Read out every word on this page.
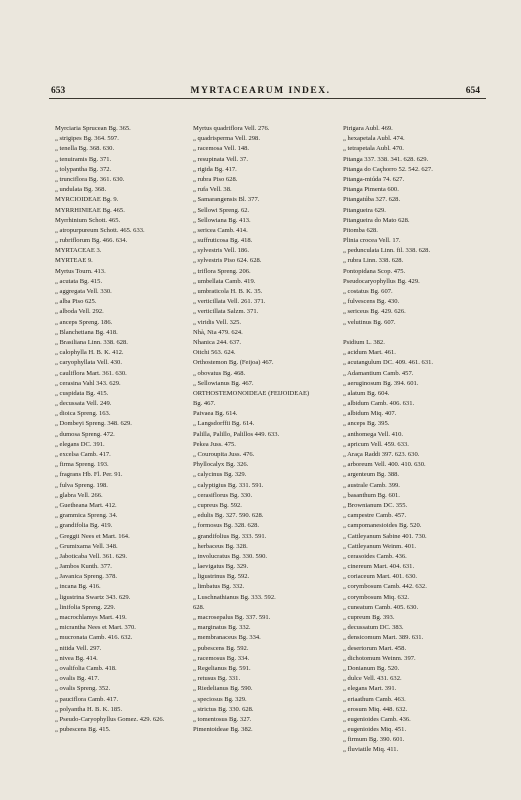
653	MYRTACEARUM INDEX.	654
Myrciaria Sprucean Bg. 365.
„ strigipes Bg. 364. 597.
„ tenella Bg. 368. 630.
„ tenuiramis Bg. 371.
„ tolypantha Bg. 372.
„ trunciflora Bg. 361. 630.
„ undulata Bg. 368.
MYRCIOIDEAE Bg. 9.
MYRRHINIEAE Bg. 465.
Myrrhinium Schott. 465.
„ atropurpureum Schott. 465. 633.
„ rubriflorum Bg. 466. 634.
MYRTACEAE 3.
MYRTEAE 9.
Myrtus Tourn. 413.
„ acutata Bg. 415.
„ aggregata Vell. 330.
„ alba Piso 625.
„ alboda Vell. 292.
„ anceps Spreng. 186.
„ Blanchetiana Bg. 418.
„ Brasiliana Linn. 338. 628.
„ calophylla H. B. K. 412.
„ caryophyllata Vell. 430.
„ cauliflora Mart. 361. 630.
„ cerasina Vahl 343. 629.
„ cuspidata Bg. 415.
„ decussata Vell. 249.
„ dioica Spreng. 163.
„ Dombeyi Spreng. 348. 629.
„ dumosa Spreng. 472.
„ elegans DC. 391.
„ excelsa Camb. 417.
„ firma Spreng. 193.
„ fragrans Hb. Fl. Per. 91.
„ fulva Spreng. 198.
„ glabra Vell. 266.
„ Guetheana Mart. 412.
„ grammica Spreng. 34.
„ grandifolia Bg. 419.
„ Greggii Nees et Mart. 164.
„ Grumixama Vell. 348.
„ Jaboticaba Vell. 361. 629.
„ Jambos Kunth. 377.
„ Javanica Spreng. 378.
„ incana Bg. 416.
„ ligustrina Swartz 343. 629.
„ linifolia Spreng. 229.
„ macrochlamys Mart. 419.
„ micrantha Nees et Mart. 370.
„ mucronata Camb. 416. 632.
„ nitida Vell. 297.
„ nivea Bg. 414.
„ ovalifolia Camb. 418.
„ ovalis Bg. 417.
„ ovalis Spreng. 352.
„ pauciflora Camb. 417.
„ polyantha H. B. K. 185.
„ Pseudo-Caryophyllus Gomez. 429. 626.
„ pubescens Bg. 415.
Myrtus quadriflora Vell. 276.
„ quadrisperma Vell. 298.
„ racemosa Vell. 148.
„ resupinata Vell. 37.
„ rigida Bg. 417.
„ rubra Piso 628.
„ rufa Vell. 38.
„ Samarangensis Bl. 377.
„ Sellowi Spreng. 62.
„ Sellowiana Bg. 413.
„ sericea Camb. 414.
„ suffruticosa Bg. 418.
„ sylvestris Vell. 186.
„ sylvestris Piso 624. 628.
„ triflora Spreng. 206.
„ umbellata Camb. 419.
„ umbraticola H. B. K. 35.
„ verticillata Vell. 261. 371.
„ verticillata Salzm. 371.
„ viridis Vell. 325.
Nhà, Nia 479. 624.
Nhanica 244. 637.
Oitchi 563. 624.
Orthostemon Bg. (Feijoa) 467.
„ obovatus Bg. 468.
„ Sellowianus Bg. 467.
ORTHOSTEMONOIDEAE (FEIJOIDEAE)
Bg. 467.
Paivaea Bg. 614.
„ Langsdorffii Bg. 614.
Palilla, Palillo, Palillos 449. 633.
Pekea Juss. 475.
„ Couroupita Juss. 476.
Phyllocalyx Bg. 326.
„ calycinus Bg. 329.
„ calyptigius Bg. 331. 591.
„ cerasiflorus Bg. 330.
„ cupreus Bg. 592.
„ edulis Bg. 327. 590. 628.
„ formosus Bg. 328. 628.
„ grandifolius Bg. 333. 591.
„ herbaceus Bg. 328.
„ involucratus Bg. 330. 590.
„ laevigatus Bg. 329.
„ ligustrinus Bg. 592.
„ limbatus Bg. 332.
„ Luschnathianus Bg. 333. 592.
628.
„ macrosepalus Bg. 337. 591.
„ marginatus Bg. 332.
„ membranaceus Bg. 334.
„ pubescens Bg. 592.
„ racemosus Bg. 334.
„ Regelianus Bg. 591.
„ retusus Bg. 331.
„ Riedelianus Bg. 590.
„ speciosus Bg. 329.
„ strictus Bg. 330. 628.
„ tomentosus Bg. 327.
Pimentoideae Bg. 382.
Pirigara Aubl. 469.
„ hexapetala Aubl. 474.
„ tetrapetala Aubl. 470.
Pitanga 337. 338. 341. 628. 629.
Pitanga do Caçhorro 52. 542. 627.
Pitanga-miúda 74. 627.
Pitanga Pimenta 600.
Pitangatúba 327. 628.
Pitangueira 629.
Pitangueira do Mato 628.
Pitomba 628.
Plinia crocea Vell. 17.
„ pedunculata Linn. fil. 338. 628.
„ rubra Linn. 338. 628.
Pontopidana Scop. 475.
Pseudocaryophyllus Bg. 429.
„ costatus Bg. 607.
„ fulvescens Bg. 430.
„ sericeus Bg. 429. 626.
„ velutinus Bg. 607.
Psidium L. 382.
„ acidum Mart. 461.
„ acutangulum DC. 409. 461. 631.
„ Adamantium Camb. 457.
„ aeruginosum Bg. 394. 601.
„ alatum Bg. 604.
„ albidum Camb. 406. 631.
„ albidum Miq. 407.
„ anceps Bg. 395.
„ anthomega Vell. 410.
„ apricum Vell. 459. 633.
„ Araça Raddi 397. 623. 630.
„ arboreum Vell. 400. 410. 630.
„ argenteum Bg. 388.
„ australe Camb. 399.
„ basanthum Bg. 601.
„ Brownianum DC. 355.
„ campestre Camb. 457.
„ campomanesioides Bg. 520.
„ Cattleyanum Sabine 401. 730.
„ Cattleyanum Weinm. 401.
„ cerasoides Camb. 436.
„ cinereum Mart. 404. 631.
„ coriaceum Mart. 401. 630.
„ corymbosum Camb. 442. 632.
„ corymbosum Miq. 632.
„ cuneatum Camb. 405. 630.
„ cupreum Bg. 393.
„ decussatum DC. 383.
„ densicomum Mart. 389. 631.
„ desertorum Mart. 458.
„ dichotomum Weinm. 397.
„ Donianum Bg. 520.
„ dulce Vell. 431. 632.
„ elegans Mart. 391.
„ eriaathum Camb. 463.
„ erosum Miq. 448. 632.
„ eugenioides Camb. 436.
„ eugenioides Miq. 451.
„ firmum Bg. 390. 601.
„ fluviatile Miq. 411.
